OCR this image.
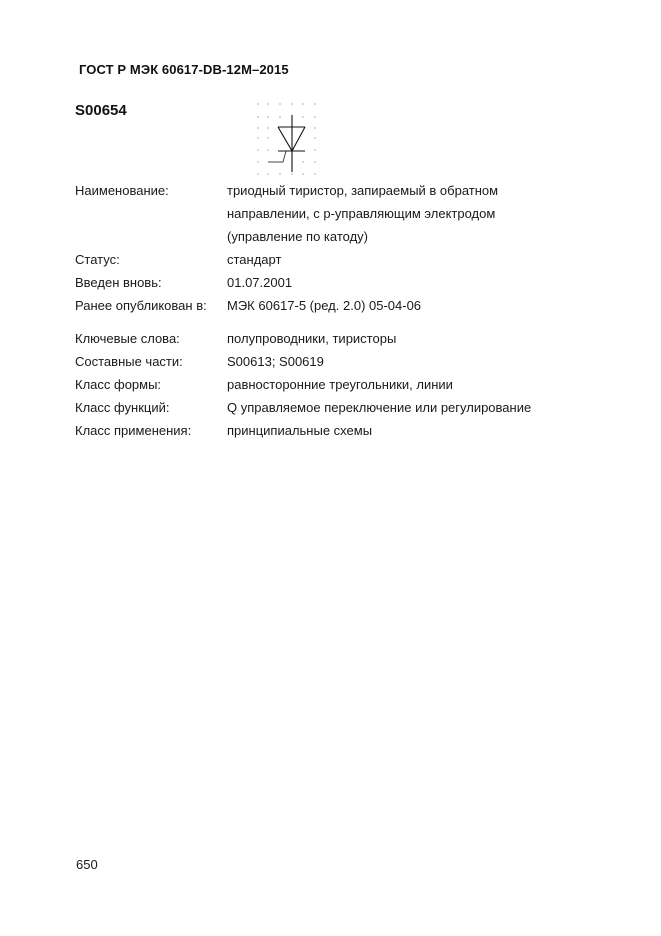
ГОСТ Р МЭК 60617-DB-12M–2015
S00654
Наименование:	триодный тиристор, запираемый в обратном
направлении, с р-управляющим электродом
(управление по катоду)
Статус:	стандарт
Введен вновь:	01.07.2001
Ранее опубликован в:	МЭК 60617-5 (ред. 2.0) 05-04-06
Ключевые слова:	полупроводники, тиристоры
Составные части:	S00613; S00619
Класс формы:	равносторонние треугольники, линии
Класс функций:	Q управляемое переключение или регулирование
Класс применения:	принципиальные схемы
650
